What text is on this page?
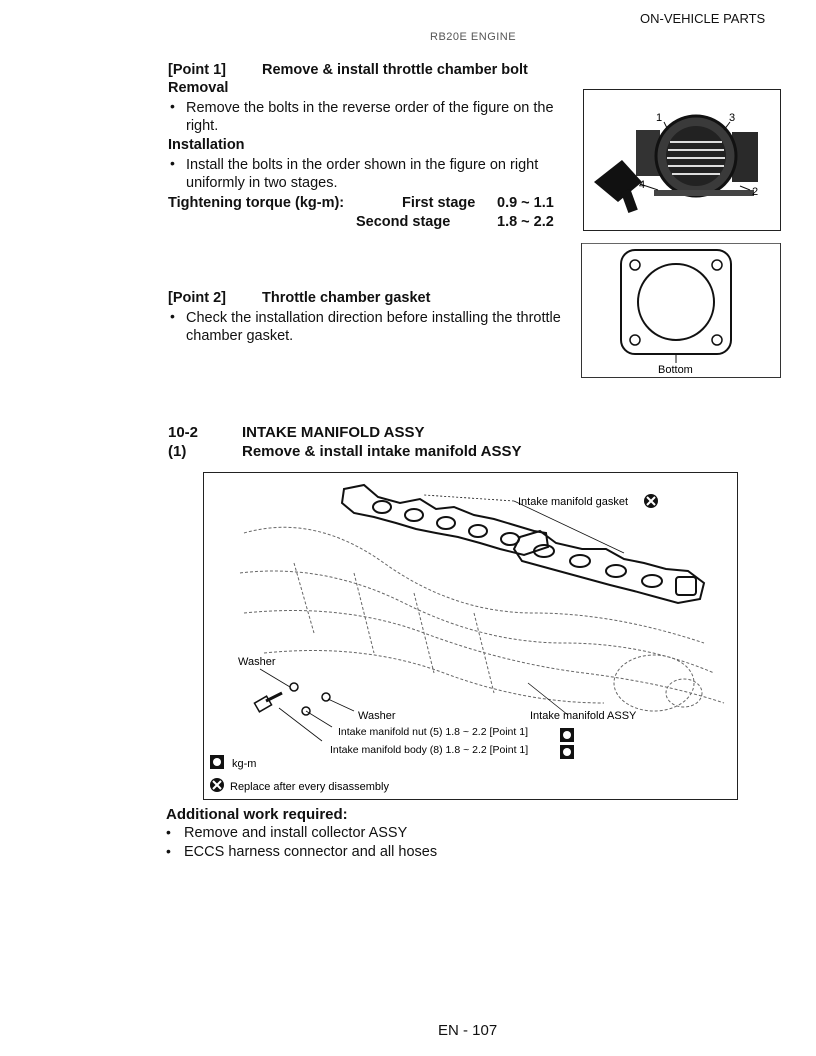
ON-VEHICLE PARTS
RB20E ENGINE
[Point 1] Remove & install throttle chamber bolt
Removal
• Remove the bolts in the reverse order of the figure on the
right.
Installation
• Install the bolts in the order shown in the figure on right
uniformly in two stages.
Tightening torque (kg-m):	First stage 0.9 ~ 1.1
Second stage	1.8 ~ 2.2
1	3
4
2
Bottom
[Point 2] Throttle chamber gasket
• Check the installation direction before installing the throttle
chamber gasket.
10-2	INTAKE MANIFOLD ASSY
(1)	Remove & install intake manifold ASSY
Intake manifold gasket
Washer
Washer	Intake manifold ASSY
Intake manifold nut (5) 1.8 ~ 2.2 [Point 1]
Intake manifold body (8) 1.8 ~ 2.2 [Point 1]
kg-m
Replace after every disassembly
Additional work required:
• Remove and install collector ASSY
• ECCS harness connector and all hoses
EN - 107
